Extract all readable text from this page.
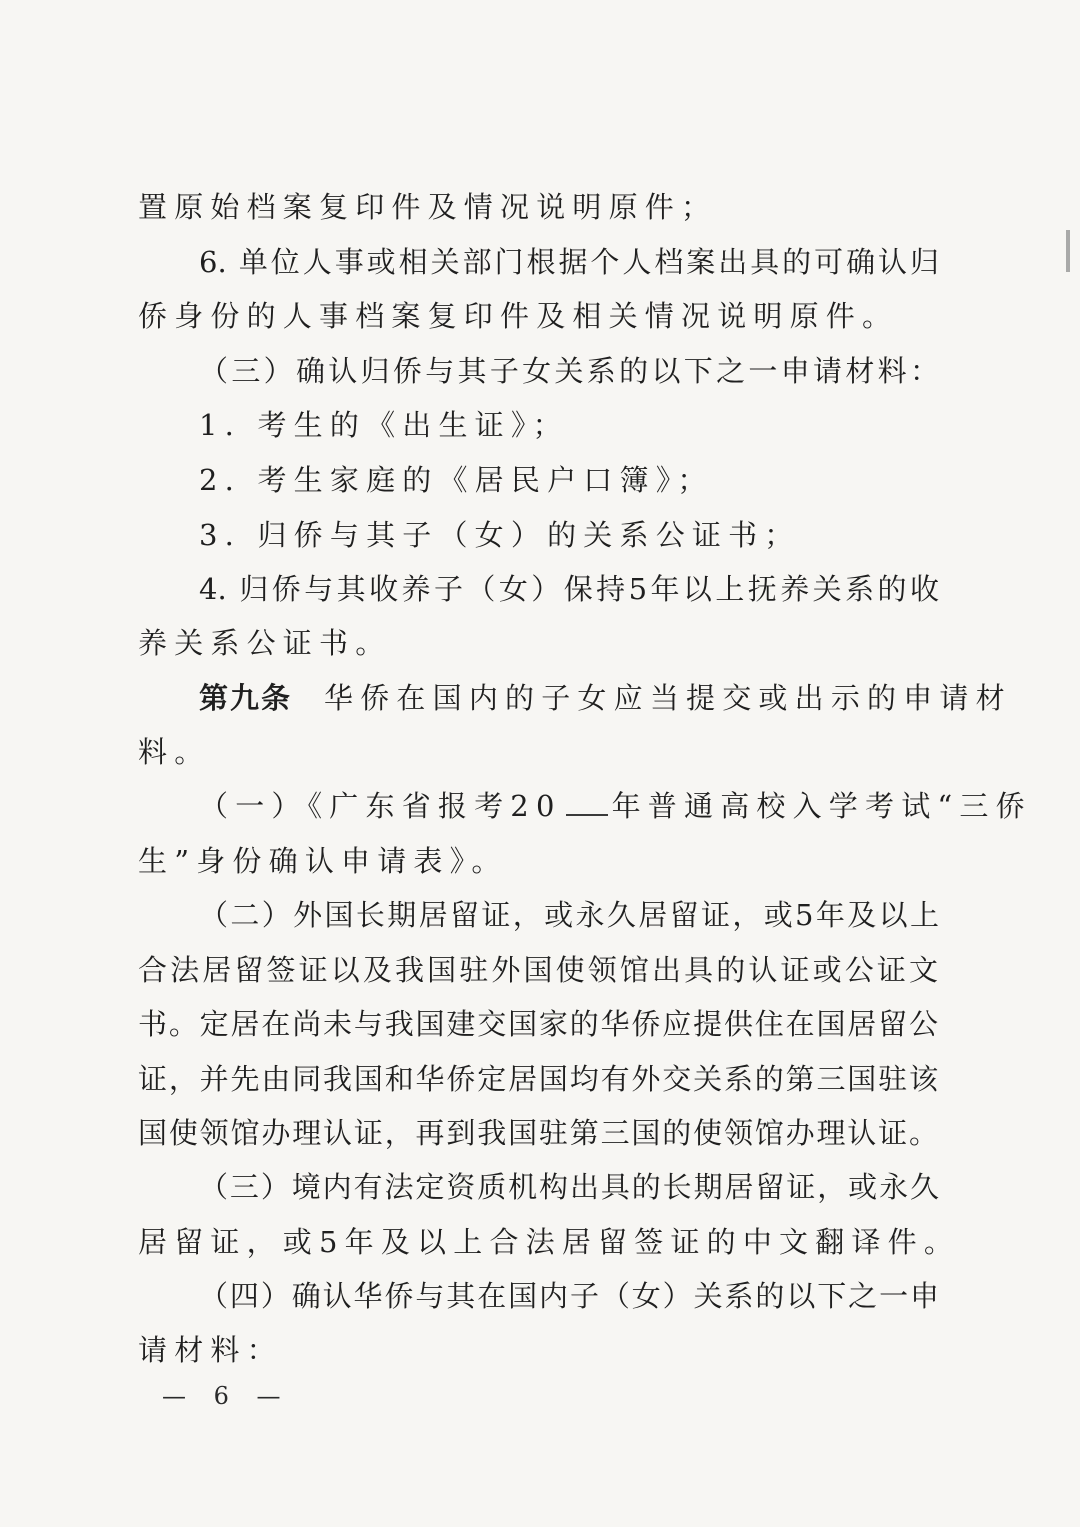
置原始档案复印件及情况说明原件；
6. 单位人事或相关部门根据个人档案出具的可确认归
侨身份的人事档案复印件及相关情况说明原件。
（三）确认归侨与其子女关系的以下之一申请材料：
1. 考生的《出生证》；
2. 考生家庭的《居民户口簿》；
3. 归侨与其子（女）的关系公证书；
4. 归侨与其收养子（女）保持5年以上抚养关系的收
养关系公证书。
第九条 华侨在国内的子女应当提交或出示的申请材
料。
（一）《广东省报考20 年普通高校入学考试“三侨
生”身份确认申请表》。
（二）外国长期居留证，或永久居留证，或5年及以上
合法居留签证以及我国驻外国使领馆出具的认证或公证文
书。定居在尚未与我国建交国家的华侨应提供住在国居留公
证，并先由同我国和华侨定居国均有外交关系的第三国驻该
国使领馆办理认证，再到我国驻第三国的使领馆办理认证。
（三）境内有法定资质机构出具的长期居留证，或永久
居留证，或5年及以上合法居留签证的中文翻译件。
（四）确认华侨与其在国内子（女）关系的以下之一申
请材料：
— 6 —
